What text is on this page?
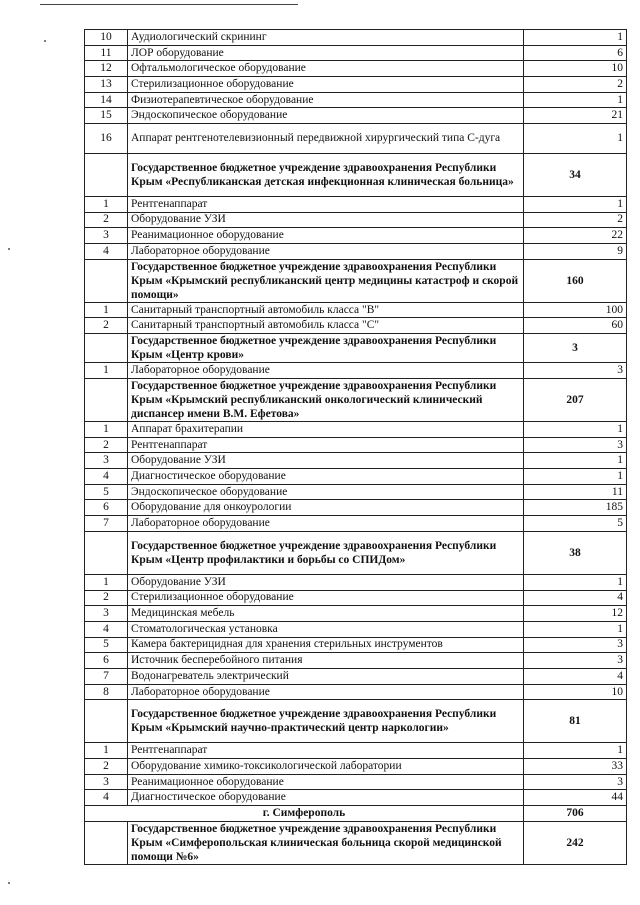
10	Аудиологический скрининг	1
11	ЛОР оборудование	6
12	Офтальмологическое оборудование	10
13	Стерилизационное оборудование	2
14	Физиотерапевтическое оборудование	1
15	Эндоскопическое оборудование	21
16	Аппарат рентгенотелевизионный передвижной хирургический типа С-дуга	1
	Государственное бюджетное учреждение здравоохранения Республики Крым «Республиканская детская инфекционная клиническая больница»	34
1	Рентгенаппарат	1
2	Оборудование УЗИ	2
3	Реанимационное оборудование	22
4	Лабораторное оборудование	9
	Государственное бюджетное учреждение здравоохранения Республики Крым «Крымский республиканский центр медицины катастроф и скорой помощи»	160
1	Санитарный транспортный автомобиль класса "В"	100
2	Санитарный транспортный автомобиль класса "С"	60
	Государственное бюджетное учреждение здравоохранения Республики Крым «Центр крови»	3
1	Лабораторное оборудование	3
	Государственное бюджетное учреждение здравоохранения Республики Крым «Крымский республиканский онкологический клинический диспансер имени В.М. Ефетова»	207
1	Аппарат брахитерапии	1
2	Рентгенаппарат	3
3	Оборудование УЗИ	1
4	Диагностическое оборудование	1
5	Эндоскопическое оборудование	11
6	Оборудование для онкоурологии	185
7	Лабораторное оборудование	5
	Государственное бюджетное учреждение здравоохранения Республики Крым «Центр профилактики и борьбы со СПИДом»	38
1	Оборудование УЗИ	1
2	Стерилизационное оборудование	4
3	Медицинская мебель	12
4	Стоматологическая установка	1
5	Камера бактерицидная для хранения стерильных инструментов	3
6	Источник бесперебойного питания	3
7	Водонагреватель электрический	4
8	Лабораторное оборудование	10
	Государственное бюджетное учреждение здравоохранения Республики Крым «Крымский научно-практический центр наркологии»	81
1	Рентгенаппарат	1
2	Оборудование химико-токсикологической лаборатории	33
3	Реанимационное оборудование	3
4	Диагностическое оборудование	44
г. Симферополь		706
	Государственное бюджетное учреждение здравоохранения Республики Крым «Симферопольская клиническая больница скорой медицинской помощи №6»	242
